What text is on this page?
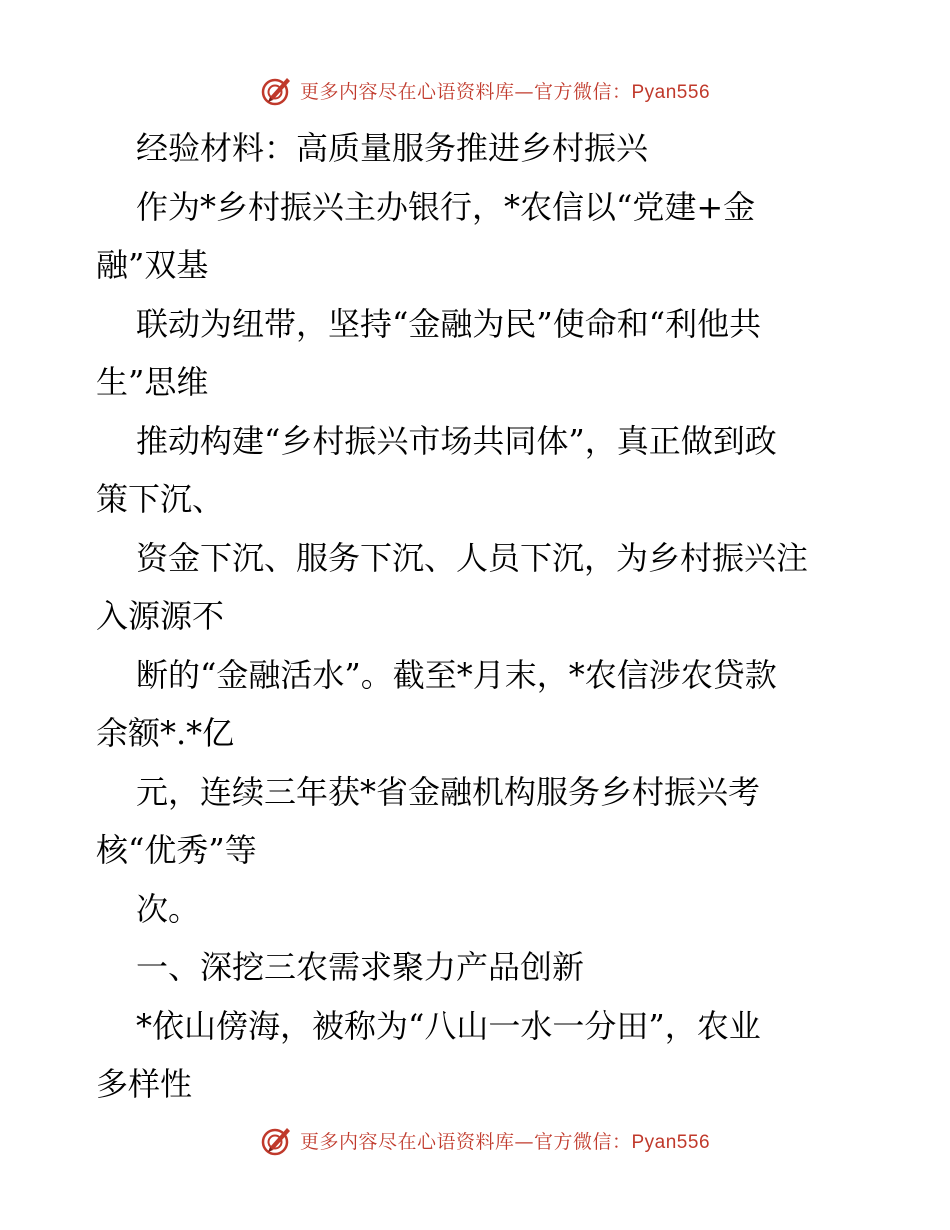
更多内容尽在心语资料库—官方微信：Pyan556
经验材料：高质量服务推进乡村振兴
作为*乡村振兴主办银行，*农信以“党建+金
融”双基
联动为纽带，坚持“金融为民”使命和“利他共
生”思维
推动构建“乡村振兴市场共同体”，真正做到政
策下沉、
资金下沉、服务下沉、人员下沉，为乡村振兴注
入源源不
断的“金融活水”。截至*月末，*农信涉农贷款
余额*.*亿
元，连续三年获*省金融机构服务乡村振兴考
核“优秀”等
次。
一、深挖三农需求聚力产品创新
*依山傍海，被称为“八山一水一分田”，农业
多样性
更多内容尽在心语资料库—官方微信：Pyan556
